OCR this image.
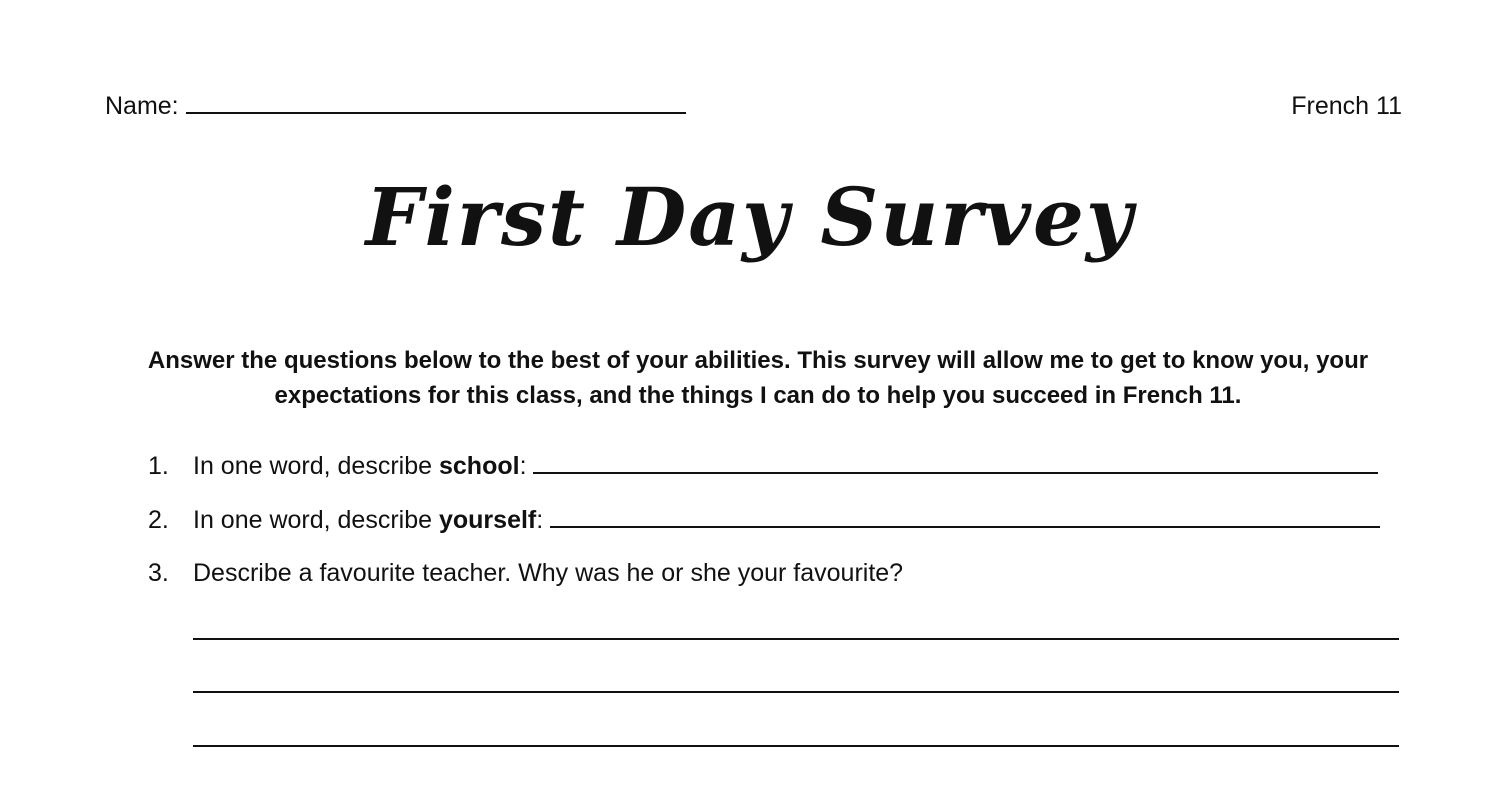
Name:	French 11
First Day Survey
Answer the questions below to the best of your abilities. This survey will allow me to get to know you, your expectations for this class, and the things I can do to help you succeed in French 11.
1. In one word, describe school:
2. In one word, describe yourself:
3. Describe a favourite teacher. Why was he or she your favourite?
